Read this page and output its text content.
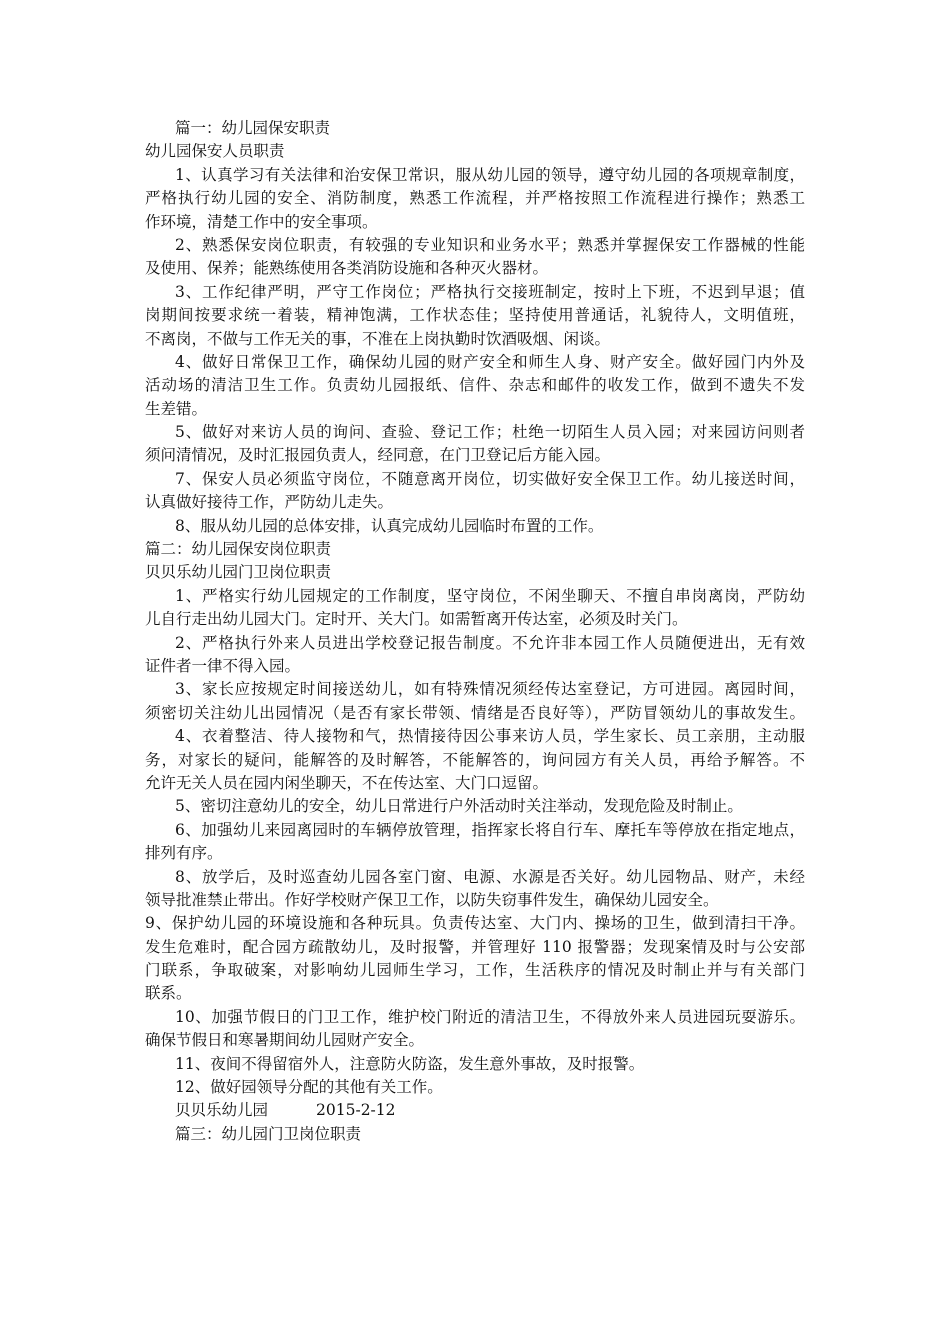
篇一：幼儿园保安职责
幼儿园保安人员职责
1、认真学习有关法律和治安保卫常识，服从幼儿园的领导，遵守幼儿园的各项规章制度，
严格执行幼儿园的安全、消防制度，熟悉工作流程，并严格按照工作流程进行操作；熟悉工
作环境，清楚工作中的安全事项。
2、熟悉保安岗位职责，有较强的专业知识和业务水平；熟悉并掌握保安工作器械的性能
及使用、保养；能熟练使用各类消防设施和各种灭火器材。
3、工作纪律严明，严守工作岗位；严格执行交接班制定，按时上下班，不迟到早退；值
岗期间按要求统一着装，精神饱满，工作状态佳；坚持使用普通话，礼貌待人，文明值班，
不离岗，不做与工作无关的事，不准在上岗执勤时饮酒吸烟、闲谈。
4、做好日常保卫工作，确保幼儿园的财产安全和师生人身、财产安全。做好园门内外及
活动场的清洁卫生工作。负责幼儿园报纸、信件、杂志和邮件的收发工作，做到不遗失不发
生差错。
5、做好对来访人员的询问、查验、登记工作；杜绝一切陌生人员入园；对来园访问则者
须问清情况，及时汇报园负责人，经同意，在门卫登记后方能入园。
7、保安人员必须监守岗位，不随意离开岗位，切实做好安全保卫工作。幼儿接送时间，
认真做好接待工作，严防幼儿走失。
8、服从幼儿园的总体安排，认真完成幼儿园临时布置的工作。
篇二：幼儿园保安岗位职责
贝贝乐幼儿园门卫岗位职责
1、严格实行幼儿园规定的工作制度，坚守岗位，不闲坐聊天、不擅自串岗离岗，严防幼
儿自行走出幼儿园大门。定时开、关大门。如需暂离开传达室，必须及时关门。
2、严格执行外来人员进出学校登记报告制度。不允许非本园工作人员随便进出，无有效
证件者一律不得入园。
3、家长应按规定时间接送幼儿，如有特殊情况须经传达室登记，方可进园。离园时间，
须密切关注幼儿出园情况（是否有家长带领、情绪是否良好等），严防冒领幼儿的事故发生。
4、衣着整洁、待人接物和气，热情接待因公事来访人员，学生家长、员工亲朋，主动服
务，对家长的疑问，能解答的及时解答，不能解答的，询问园方有关人员，再给予解答。不
允许无关人员在园内闲坐聊天，不在传达室、大门口逗留。
5、密切注意幼儿的安全，幼儿日常进行户外活动时关注举动，发现危险及时制止。
6、加强幼儿来园离园时的车辆停放管理，指挥家长将自行车、摩托车等停放在指定地点，
排列有序。
8、放学后，及时巡查幼儿园各室门窗、电源、水源是否关好。幼儿园物品、财产，未经
领导批准禁止带出。作好学校财产保卫工作，以防失窃事件发生，确保幼儿园安全。
9、保护幼儿园的环境设施和各种玩具。负责传达室、大门内、操场的卫生，做到清扫干净。
发生危难时，配合园方疏散幼儿，及时报警，并管理好 110 报警器；发现案情及时与公安部
门联系，争取破案，对影响幼儿园师生学习，工作，生活秩序的情况及时制止并与有关部门
联系。
10、加强节假日的门卫工作，维护校门附近的清洁卫生，不得放外来人员进园玩耍游乐。
确保节假日和寒暑期间幼儿园财产安全。
11、夜间不得留宿外人，注意防火防盗，发生意外事故，及时报警。
12、做好园领导分配的其他有关工作。
贝贝乐幼儿园	2015-2-12
篇三：幼儿园门卫岗位职责
